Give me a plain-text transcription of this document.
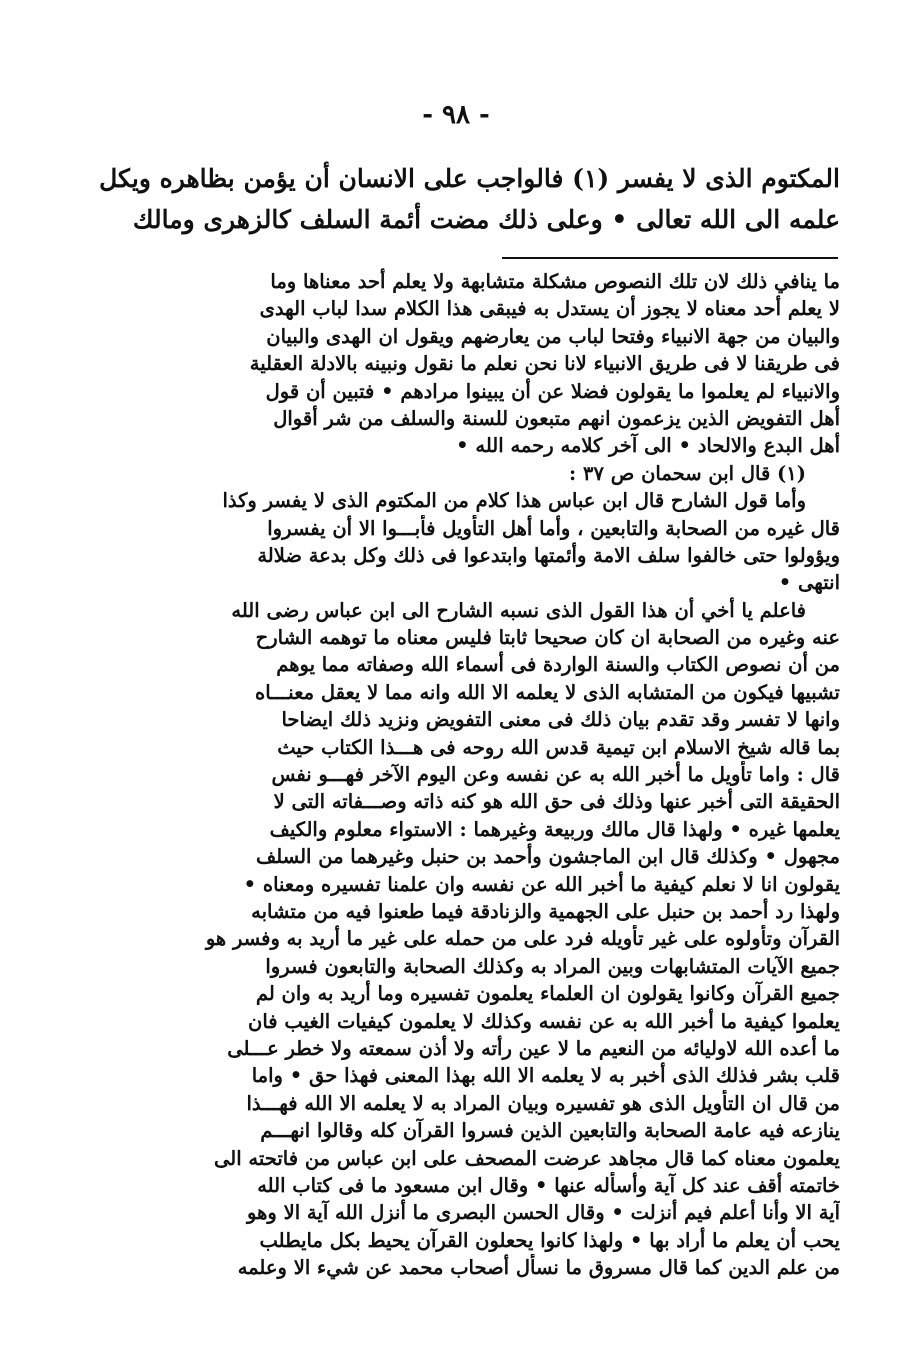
- ٩٨ -
المكتوم الذى لا يفسر (١) فالواجب على الانسان أن يؤمن بظاهره ويكل
علمه الى الله تعالى • وعلى ذلك مضت أئمة السلف كالزهرى ومالك
ما ينافي ذلك لان تلك النصوص مشكلة متشابهة ولا يعلم أحد معناها وما
لا يعلم أحد معناه لا يجوز أن يستدل به فيبقى هذا الكلام سدا لباب الهدى
والبيان من جهة الانبياء وفتحا لباب من يعارضهم ويقول ان الهدى والبيان
فى طريقنا لا فى طريق الانبياء لانا نحن نعلم ما نقول ونبينه بالادلة العقلية
والانبياء لم يعلموا ما يقولون فضلا عن أن يبينوا مرادهم • فتبين أن قول
أهل التفويض الذين يزعمون انهم متبعون للسنة والسلف من شر أقوال
أهل البدع والالحاد • الى آخر كلامه رحمه الله •
(١) قال ابن سحمان ص ٣٧ :
وأما قول الشارح قال ابن عباس هذا كلام من المكتوم الذى لا يفسر وكذا
قال غيره من الصحابة والتابعين ، وأما أهل التأويل فأبـــوا الا أن يفسروا
ويؤولوا حتى خالفوا سلف الامة وأئمتها وابتدعوا فى ذلك وكل بدعة ضلالة
انتهى •
فاعلم يا أخي أن هذا القول الذى نسبه الشارح الى ابن عباس رضى الله
عنه وغيره من الصحابة ان كان صحيحا ثابتا فليس معناه ما توهمه الشارح
من أن نصوص الكتاب والسنة الواردة فى أسماء الله وصفاته مما يوهم
تشبيها فيكون من المتشابه الذى لا يعلمه الا الله وانه مما لا يعقل معنـــاه
وانها لا تفسر وقد تقدم بيان ذلك فى معنى التفويض ونزيد ذلك ايضاحا
بما قاله شيخ الاسلام ابن تيمية قدس الله روحه فى هـــذا الكتاب حيث
قال : واما تأويل ما أخبر الله به عن نفسه وعن اليوم الآخر فهـــو نفس
الحقيقة التى أخبر عنها وذلك فى حق الله هو كنه ذاته وصـــفاته التى لا
يعلمها غيره • ولهذا قال مالك وربيعة وغيرهما : الاستواء معلوم والكيف
مجهول • وكذلك قال ابن الماجشون وأحمد بن حنبل وغيرهما من السلف
يقولون انا لا نعلم كيفية ما أخبر الله عن نفسه وان علمنا تفسيره ومعناه •
ولهذا رد أحمد بن حنبل على الجهمية والزنادقة فيما طعنوا فيه من متشابه
القرآن وتأولوه على غير تأويله فرد على من حمله على غير ما أريد به وفسر هو
جميع الآيات المتشابهات وبين المراد به وكذلك الصحابة والتابعون فسروا
جميع القرآن وكانوا يقولون ان العلماء يعلمون تفسيره وما أريد به وان لم
يعلموا كيفية ما أخبر الله به عن نفسه وكذلك لا يعلمون كيفيات الغيب فان
ما أعده الله لاوليائه من النعيم ما لا عين رأته ولا أذن سمعته ولا خطر عـــلى
قلب بشر فذلك الذى أخبر به لا يعلمه الا الله بهذا المعنى فهذا حق • واما
من قال ان التأويل الذى هو تفسيره وبيان المراد به لا يعلمه الا الله فهـــذا
ينازعه فيه عامة الصحابة والتابعين الذين فسروا القرآن كله وقالوا انهـــم
يعلمون معناه كما قال مجاهد عرضت المصحف على ابن عباس من فاتحته الى
خاتمته أقف عند كل آية وأسأله عنها • وقال ابن مسعود ما فى كتاب الله
آية الا وأنا أعلم فيم أنزلت • وقال الحسن البصرى ما أنزل الله آية الا وهو
يحب أن يعلم ما أراد بها • ولهذا كانوا يحعلون القرآن يحيط بكل مايطلب
من علم الدين كما قال مسروق ما نسأل أصحاب محمد عن شيء الا وعلمه
